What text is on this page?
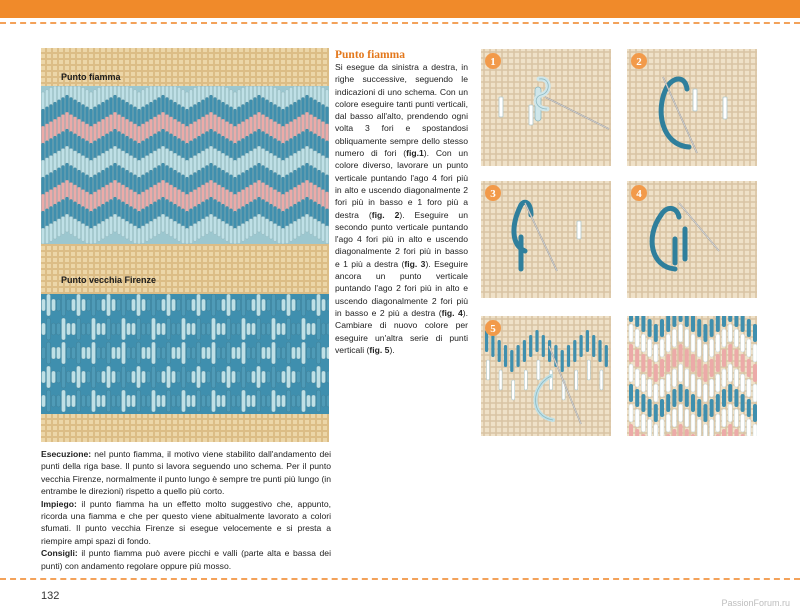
Punto fiamma
Punto vecchia Firenze

Esecuzione: nel punto fiamma, il motivo viene stabilito dall'andamento dei punti della riga base. Il punto si lavora seguendo uno schema. Per il punto vecchia Firenze, normalmente il punto lungo è sempre tre punti più lungo (in entrambe le direzioni) rispetto a quello più corto.

Impiego: il punto fiamma ha un effetto molto suggestivo che, appunto, ricorda una fiamma e che per questo viene abitualmente lavorato a colori sfumati. Il punto vecchia Firenze si esegue velocemente e si presta a riempire ampi spazi di fondo.

Consigli: il punto fiamma può avere picchi e valli (parte alta e bassa dei punti) con andamento regolare oppure più mosso.

Punto fiamma
Si esegue da sinistra a destra, in righe successive, seguendo le indicazioni di uno schema. Con un colore eseguire tanti punti verticali, dal basso all'alto, prendendo ogni volta 3 fori e spostandosi obliquamente sempre dello stesso numero di fori (fig.1). Con un colore diverso, lavorare un punto verticale puntando l'ago 4 fori più in alto e uscendo diagonalmente 2 fori più in basso e 1 foro più a destra (fig. 2). Eseguire un secondo punto verticale puntando l'ago 4 fori più in alto e uscendo diagonalmente 2 fori più in basso e 1 più a destra (fig. 3). Eseguire ancora un punto verticale puntando l'ago 2 fori più in alto e uscendo diagonalmente 2 fori più in basso e 2 più a destra (fig. 4). Cambiare di nuovo colore per eseguire un'altra serie di punti verticali (fig. 5).
1	2
3	4
5
132
PassionForum.ru
